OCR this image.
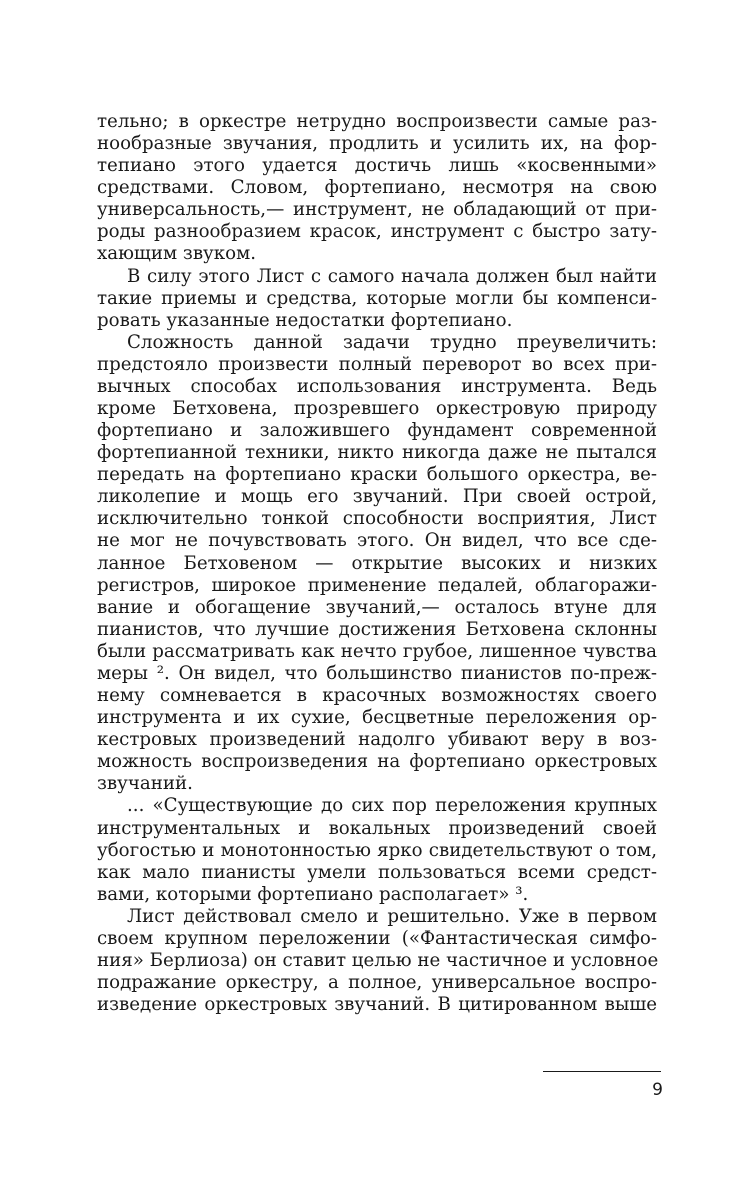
тельно; в оркестре нетрудно воспроизвести самые раз-
нообразные звучания, продлить и усилить их, на фор-
тепиано этого удается достичь лишь «косвенными»
средствами. Словом, фортепиано, несмотря на свою
универсальность,— инструмент, не обладающий от при-
роды разнообразием красок, инструмент с быстро зату-
хающим звуком.
В силу этого Лист с самого начала должен был найти
такие приемы и средства, которые могли бы компенси-
ровать указанные недостатки фортепиано.
Сложность данной задачи трудно преувеличить:
предстояло произвести полный переворот во всех при-
вычных способах использования инструмента. Ведь
кроме Бетховена, прозревшего оркестровую природу
фортепиано и заложившего фундамент современной
фортепианной техники, никто никогда даже не пытался
передать на фортепиано краски большого оркестра, ве-
ликолепие и мощь его звучаний. При своей острой,
исключительно тонкой способности восприятия, Лист
не мог не почувствовать этого. Он видел, что все сде-
ланное Бетховеном — открытие высоких и низких
регистров, широкое применение педалей, облагоражи-
вание и обогащение звучаний,— осталось втуне для
пианистов, что лучшие достижения Бетховена склонны
были рассматривать как нечто грубое, лишенное чувства
меры ². Он видел, что большинство пианистов по-преж-
нему сомневается в красочных возможностях своего
инструмента и их сухие, бесцветные переложения ор-
кестровых произведений надолго убивают веру в воз-
можность воспроизведения на фортепиано оркестровых
звучаний.
... «Существующие до сих пор переложения крупных
инструментальных и вокальных произведений своей
убогостью и монотонностью ярко свидетельствуют о том,
как мало пианисты умели пользоваться всеми средст-
вами, которыми фортепиано располагает» ³.
Лист действовал смело и решительно. Уже в первом
своем крупном переложении («Фантастическая симфо-
ния» Берлиоза) он ставит целью не частичное и условное
подражание оркестру, а полное, универсальное воспро-
изведение оркестровых звучаний. В цитированном выше
9
